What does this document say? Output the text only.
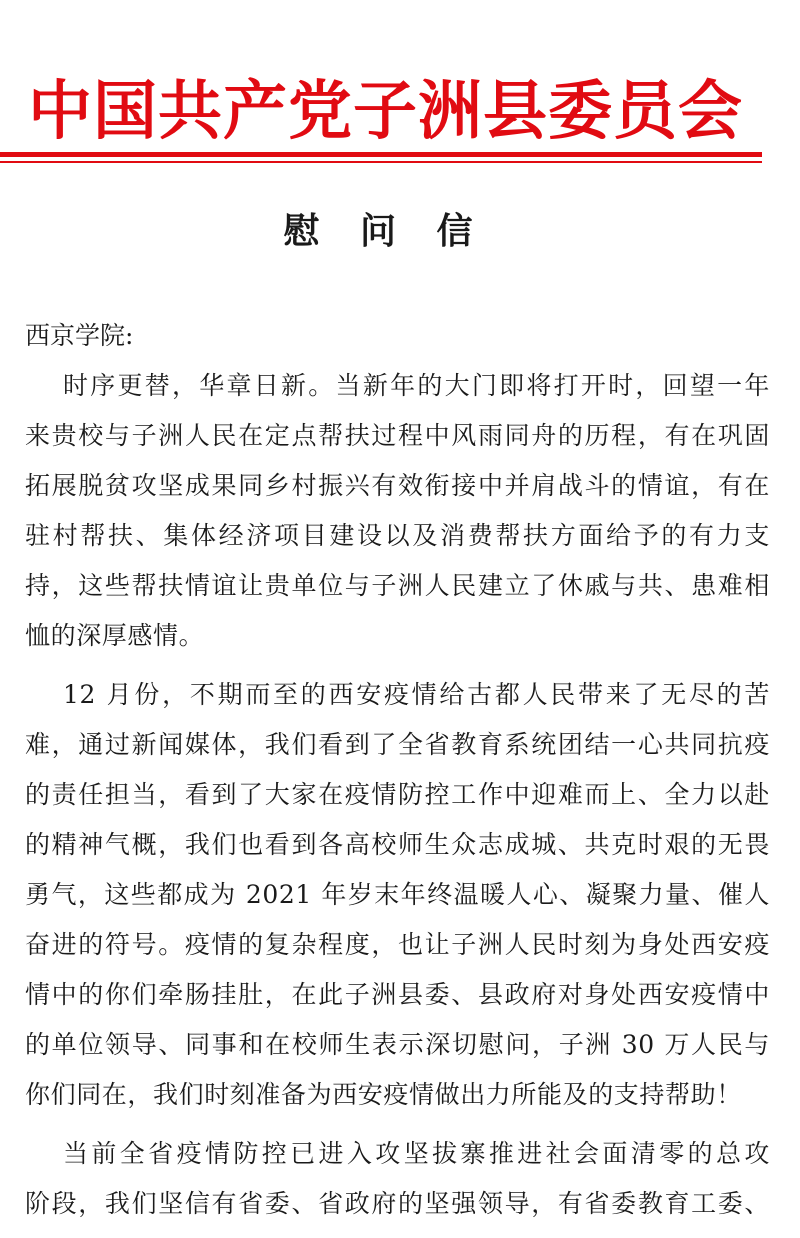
中国共产党子洲县委员会
慰 问 信
西京学院:
时序更替，华章日新。当新年的大门即将打开时，回望一年
来贵校与子洲人民在定点帮扶过程中风雨同舟的历程，有在巩固
拓展脱贫攻坚成果同乡村振兴有效衔接中并肩战斗的情谊，有在
驻村帮扶、集体经济项目建设以及消费帮扶方面给予的有力支
持，这些帮扶情谊让贵单位与子洲人民建立了休戚与共、患难相
恤的深厚感情。
12 月份，不期而至的西安疫情给古都人民带来了无尽的苦
难，通过新闻媒体，我们看到了全省教育系统团结一心共同抗疫
的责任担当，看到了大家在疫情防控工作中迎难而上、全力以赴
的精神气概，我们也看到各高校师生众志成城、共克时艰的无畏
勇气，这些都成为 2021 年岁末年终温暖人心、凝聚力量、催人
奋进的符号。疫情的复杂程度，也让子洲人民时刻为身处西安疫
情中的你们牵肠挂肚，在此子洲县委、县政府对身处西安疫情中
的单位领导、同事和在校师生表示深切慰问，子洲 30 万人民与
你们同在，我们时刻准备为西安疫情做出力所能及的支持帮助！
当前全省疫情防控已进入攻坚拔寨推进社会面清零的总攻
阶段，我们坚信有省委、省政府的坚强领导，有省委教育工委、
